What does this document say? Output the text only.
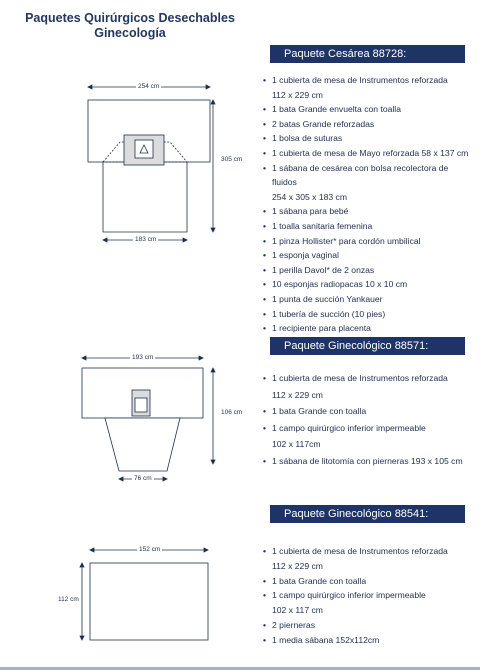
Paquetes Quirúrgicos Desechables
Ginecología
Paquete Cesárea 88728:
254 cm
305 cm
183 cm
193 cm
106 cm
76 cm
152 cm
112 cm
• 1 cubierta de mesa de Instrumentos reforzada
112 x 229 cm
• 1 bata Grande envuelta con toalla
• 2 batas Grande reforzadas
• 1 bolsa de suturas
• 1 cubierta de mesa de Mayo reforzada 58 x 137 cm
• 1 sábana de cesárea con bolsa recolectora de fluidos
254 x 305 x 183 cm
• 1 sábana para bebé
• 1 toalla sanitaria femenina
• 1 pinza Hollister* para cordón umbilical
• 1 esponja vaginal
• 1 perilla Davol* de 2 onzas
• 10 esponjas radiopacas 10 x 10 cm
• 1 punta de succión Yankauer
• 1 tubería de succión (10 pies)
• 1 recipiente para placenta
Paquete Ginecológico 88571:
• 1 cubierta de mesa de Instrumentos reforzada
112 x 229 cm
• 1 bata Grande con toalla
• 1 campo quirúrgico inferior impermeable
102 x 117cm
• 1 sábana de litotomía con pierneras 193 x 105 cm
Paquete Ginecológico 88541:
• 1 cubierta de mesa de Instrumentos reforzada
112 x 229 cm
• 1 bata Grande con toalla
• 1 campo quirúrgico inferior impermeable
102 x 117 cm
• 2 pierneras
• 1 media sábana 152x112cm
